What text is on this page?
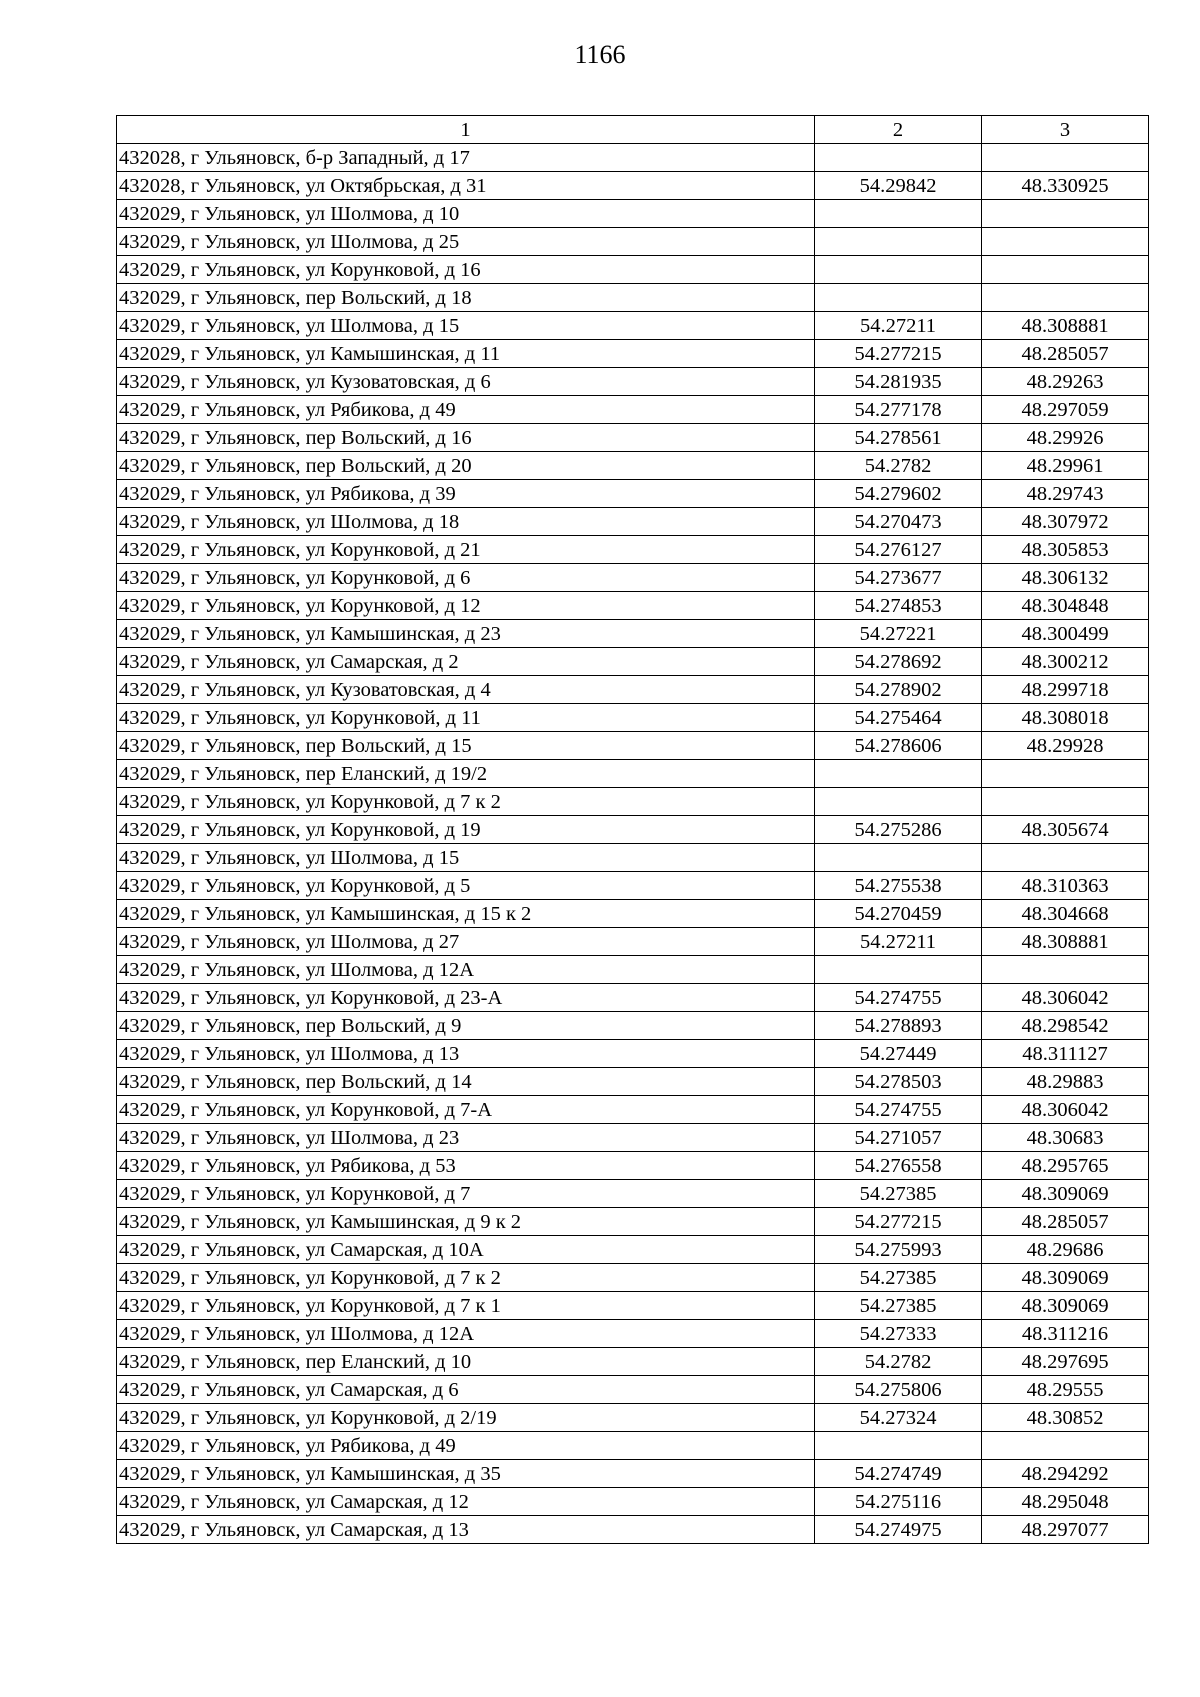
1166
1	2	3
432028, г Ульяновск, б-р Западный, д 17		
432028, г Ульяновск, ул Октябрьская, д 31	54.29842	48.330925
432029, г Ульяновск, ул Шолмова, д 10		
432029, г Ульяновск, ул Шолмова, д 25		
432029, г Ульяновск, ул Корунковой, д 16		
432029, г Ульяновск, пер Вольский, д 18		
432029, г Ульяновск, ул Шолмова, д 15	54.27211	48.308881
432029, г Ульяновск, ул Камышинская, д 11	54.277215	48.285057
432029, г Ульяновск, ул Кузоватовская, д 6	54.281935	48.29263
432029, г Ульяновск, ул Рябикова, д 49	54.277178	48.297059
432029, г Ульяновск, пер Вольский, д 16	54.278561	48.29926
432029, г Ульяновск, пер Вольский, д 20	54.2782	48.29961
432029, г Ульяновск, ул Рябикова, д 39	54.279602	48.29743
432029, г Ульяновск, ул Шолмова, д 18	54.270473	48.307972
432029, г Ульяновск, ул Корунковой, д 21	54.276127	48.305853
432029, г Ульяновск, ул Корунковой, д 6	54.273677	48.306132
432029, г Ульяновск, ул Корунковой, д 12	54.274853	48.304848
432029, г Ульяновск, ул Камышинская, д 23	54.27221	48.300499
432029, г Ульяновск, ул Самарская, д 2	54.278692	48.300212
432029, г Ульяновск, ул Кузоватовская, д 4	54.278902	48.299718
432029, г Ульяновск, ул Корункoвой, д 11	54.275464	48.308018
432029, г Ульяновск, пер Вольский, д 15	54.278606	48.29928
432029, г Ульяновск, пер Еланский, д 19/2		
432029, г Ульяновск, ул Корунковой, д 7 к 2		
432029, г Ульяновск, ул Корунковой, д 19	54.275286	48.305674
432029, г Ульяновск, ул Шолмова, д 15		
432029, г Ульяновск, ул Корунковой, д 5	54.275538	48.310363
432029, г Ульяновск, ул Камышинская, д 15 к 2	54.270459	48.304668
432029, г Ульяновск, ул Шолмова, д 27	54.27211	48.308881
432029, г Ульяновск, ул Шолмова, д 12А		
432029, г Ульяновск, ул Корунковой, д 23-А	54.274755	48.306042
432029, г Ульяновск, пер Вольский, д 9	54.278893	48.298542
432029, г Ульяновск, ул Шолмова, д 13	54.27449	48.311127
432029, г Ульяновск, пер Вольский, д 14	54.278503	48.29883
432029, г Ульяновск, ул Корунковой, д 7-А	54.274755	48.306042
432029, г Ульяновск, ул Шолмова, д 23	54.271057	48.30683
432029, г Ульяновск, ул Рябикова, д 53	54.276558	48.295765
432029, г Ульяновск, ул Корунковой, д 7	54.27385	48.309069
432029, г Ульяновск, ул Камышинская, д 9 к 2	54.277215	48.285057
432029, г Ульяновск, ул Самарская, д 10А	54.275993	48.29686
432029, г Ульяновск, ул Корунковой, д 7 к 2	54.27385	48.309069
432029, г Ульяновск, ул Корунковой, д 7 к 1	54.27385	48.309069
432029, г Ульяновск, ул Шолмова, д 12А	54.27333	48.311216
432029, г Ульяновск, пер Еланский, д 10	54.2782	48.297695
432029, г Ульяновск, ул Самарская, д 6	54.275806	48.29555
432029, г Ульяновск, ул Корунковой, д 2/19	54.27324	48.30852
432029, г Ульяновск, ул Рябикова, д 49		
432029, г Ульяновск, ул Камышинская, д 35	54.274749	48.294292
432029, г Ульяновск, ул Самарская, д 12	54.275116	48.295048
432029, г Ульяновск, ул Самарская, д 13	54.274975	48.297077
